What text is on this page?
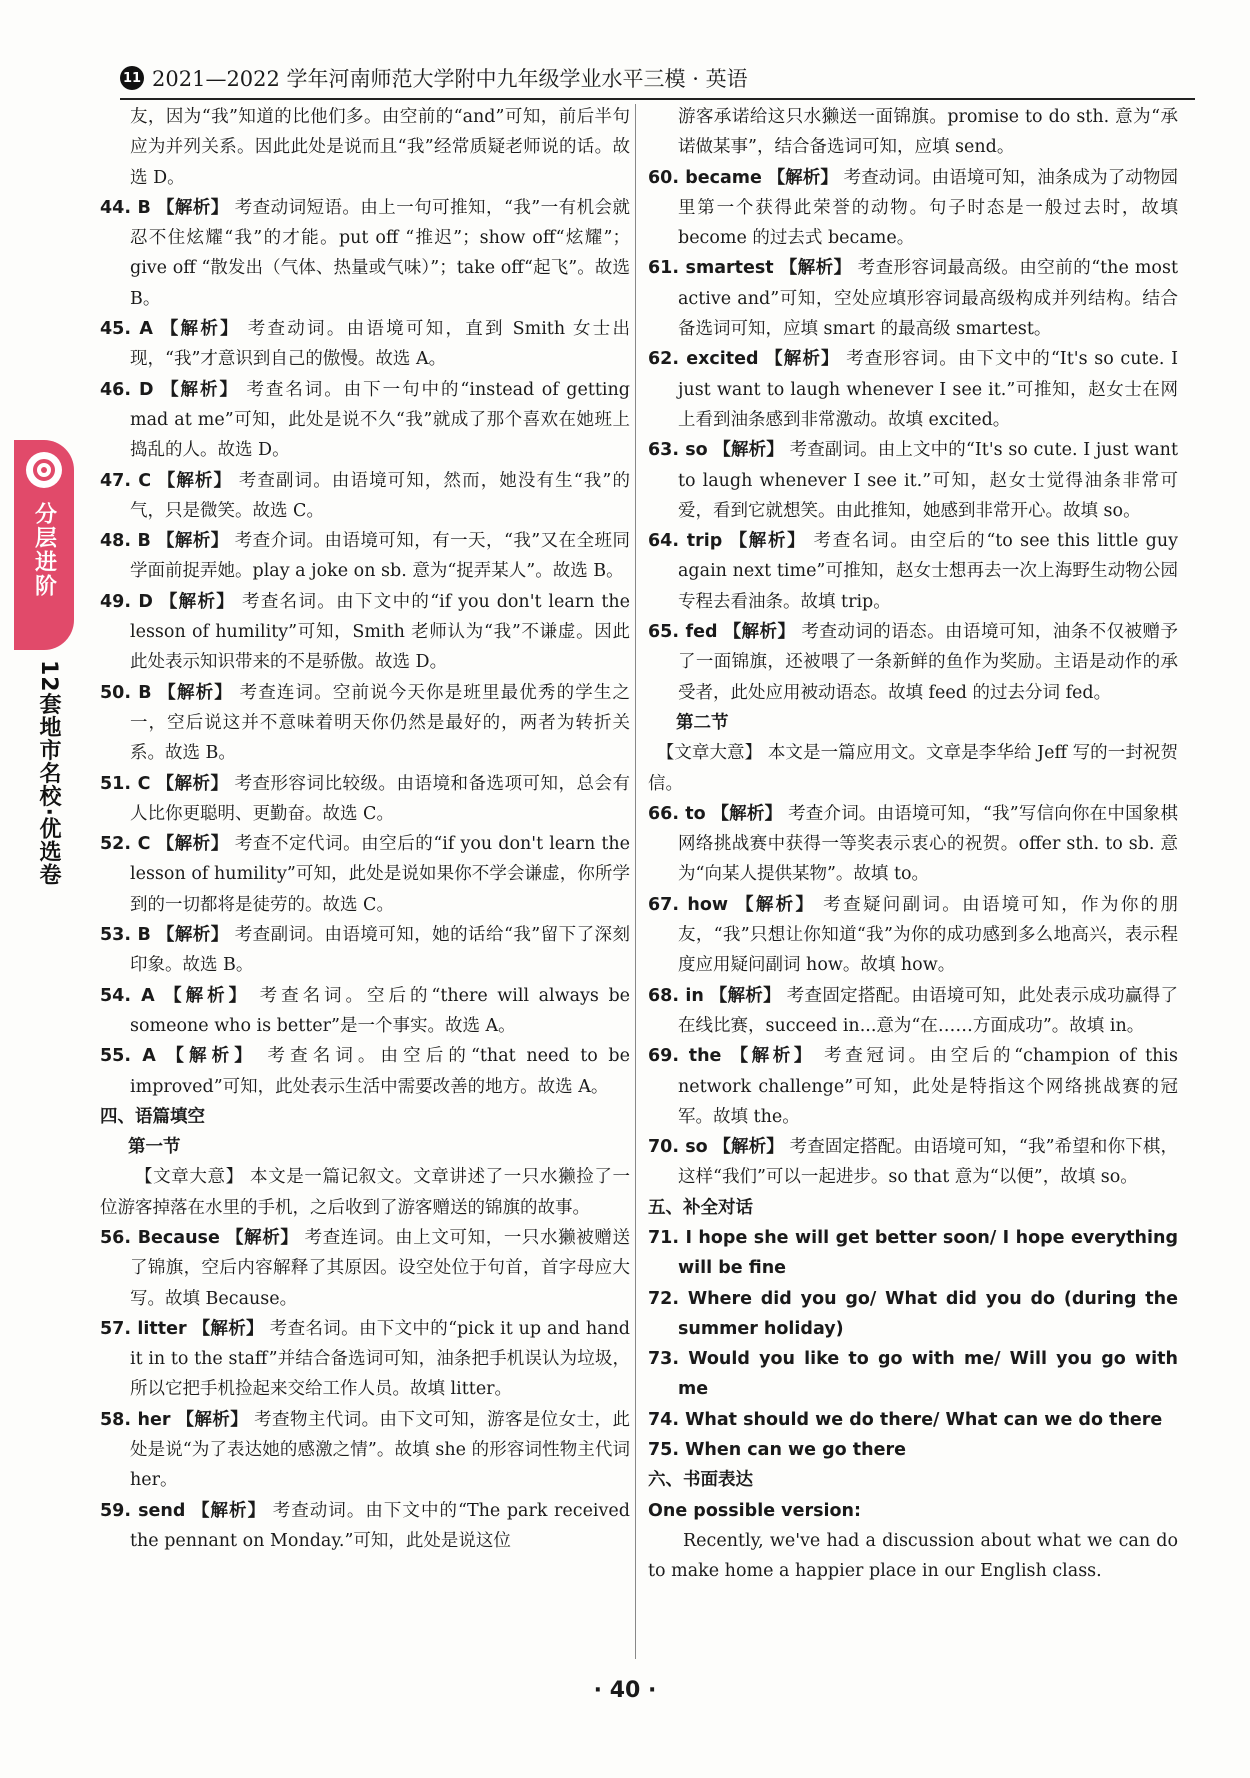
11 2021—2022 学年河南师范大学附中九年级学业水平三模 · 英语
分层进阶
12套地市名校·优选卷

友，因为“我”知道的比他们多。由空前的“and”可知，前后半句应为并列关系。因此此处是说而且“我”经常质疑老师说的话。故选 D。

44. B 【解析】 考查动词短语。由上一句可推知，“我”一有机会就忍不住炫耀“我”的才能。put off “推迟”；show off“炫耀”；give off “散发出（气体、热量或气味）”；take off“起飞”。故选 B。

45. A 【解析】 考查动词。由语境可知，直到 Smith 女士出现，“我”才意识到自己的傲慢。故选 A。

46. D 【解析】 考查名词。由下一句中的“instead of getting mad at me”可知，此处是说不久“我”就成了那个喜欢在她班上捣乱的人。故选 D。

47. C 【解析】 考查副词。由语境可知，然而，她没有生“我”的气，只是微笑。故选 C。

48. B 【解析】 考查介词。由语境可知，有一天，“我”又在全班同学面前捉弄她。play a joke on sb. 意为“捉弄某人”。故选 B。

49. D 【解析】 考查名词。由下文中的“if you don't learn the lesson of humility”可知，Smith 老师认为“我”不谦虚。因此此处表示知识带来的不是骄傲。故选 D。

50. B 【解析】 考查连词。空前说今天你是班里最优秀的学生之一，空后说这并不意味着明天你仍然是最好的，两者为转折关系。故选 B。

51. C 【解析】 考查形容词比较级。由语境和备选项可知，总会有人比你更聪明、更勤奋。故选 C。

52. C 【解析】 考查不定代词。由空后的“if you don't learn the lesson of humility”可知，此处是说如果你不学会谦虚，你所学到的一切都将是徒劳的。故选 C。

53. B 【解析】 考查副词。由语境可知，她的话给“我”留下了深刻印象。故选 B。

54. A 【解析】 考查名词。空后的“there will always be someone who is better”是一个事实。故选 A。

55. A 【解析】 考查名词。由空后的“that need to be improved”可知，此处表示生活中需要改善的地方。故选 A。

四、语篇填空

第一节

【文章大意】 本文是一篇记叙文。文章讲述了一只水獭捡了一位游客掉落在水里的手机，之后收到了游客赠送的锦旗的故事。

56. Because 【解析】 考查连词。由上文可知，一只水獭被赠送了锦旗，空后内容解释了其原因。设空处位于句首，首字母应大写。故填 Because。

57. litter 【解析】 考查名词。由下文中的“pick it up and hand it in to the staff”并结合备选词可知，油条把手机误认为垃圾，所以它把手机捡起来交给工作人员。故填 litter。

58. her 【解析】 考查物主代词。由下文可知，游客是位女士，此处是说“为了表达她的感激之情”。故填 she 的形容词性物主代词 her。

59. send 【解析】 考查动词。由下文中的“The park received the pennant on Monday.”可知，此处是说这位

游客承诺给这只水獭送一面锦旗。promise to do sth. 意为“承诺做某事”，结合备选词可知，应填 send。

60. became 【解析】 考查动词。由语境可知，油条成为了动物园里第一个获得此荣誉的动物。句子时态是一般过去时，故填 become 的过去式 became。

61. smartest 【解析】 考查形容词最高级。由空前的“the most active and”可知，空处应填形容词最高级构成并列结构。结合备选词可知，应填 smart 的最高级 smartest。

62. excited 【解析】 考查形容词。由下文中的“It's so cute. I just want to laugh whenever I see it.”可推知，赵女士在网上看到油条感到非常激动。故填 excited。

63. so 【解析】 考查副词。由上文中的“It's so cute. I just want to laugh whenever I see it.”可知，赵女士觉得油条非常可爱，看到它就想笑。由此推知，她感到非常开心。故填 so。

64. trip 【解析】 考查名词。由空后的“to see this little guy again next time”可推知，赵女士想再去一次上海野生动物公园专程去看油条。故填 trip。

65. fed 【解析】 考查动词的语态。由语境可知，油条不仅被赠予了一面锦旗，还被喂了一条新鲜的鱼作为奖励。主语是动作的承受者，此处应用被动语态。故填 feed 的过去分词 fed。

第二节

【文章大意】 本文是一篇应用文。文章是李华给 Jeff 写的一封祝贺信。

66. to 【解析】 考查介词。由语境可知，“我”写信向你在中国象棋网络挑战赛中获得一等奖表示衷心的祝贺。offer sth. to sb. 意为“向某人提供某物”。故填 to。

67. how 【解析】 考查疑问副词。由语境可知，作为你的朋友，“我”只想让你知道“我”为你的成功感到多么地高兴，表示程度应用疑问副词 how。故填 how。

68. in 【解析】 考查固定搭配。由语境可知，此处表示成功赢得了在线比赛，succeed in...意为“在……方面成功”。故填 in。

69. the 【解析】 考查冠词。由空后的“champion of this network challenge”可知，此处是特指这个网络挑战赛的冠军。故填 the。

70. so 【解析】 考查固定搭配。由语境可知，“我”希望和你下棋，这样“我们”可以一起进步。so that 意为“以便”，故填 so。

五、补全对话

71. I hope she will get better soon/ I hope everything will be fine

72. Where did you go/ What did you do (during the summer holiday)

73. Would you like to go with me/ Will you go with me

74. What should we do there/ What can we do there

75. When can we go there

六、书面表达

One possible version:

Recently, we've had a discussion about what we can do to make home a happier place in our English class.

· 40 ·
